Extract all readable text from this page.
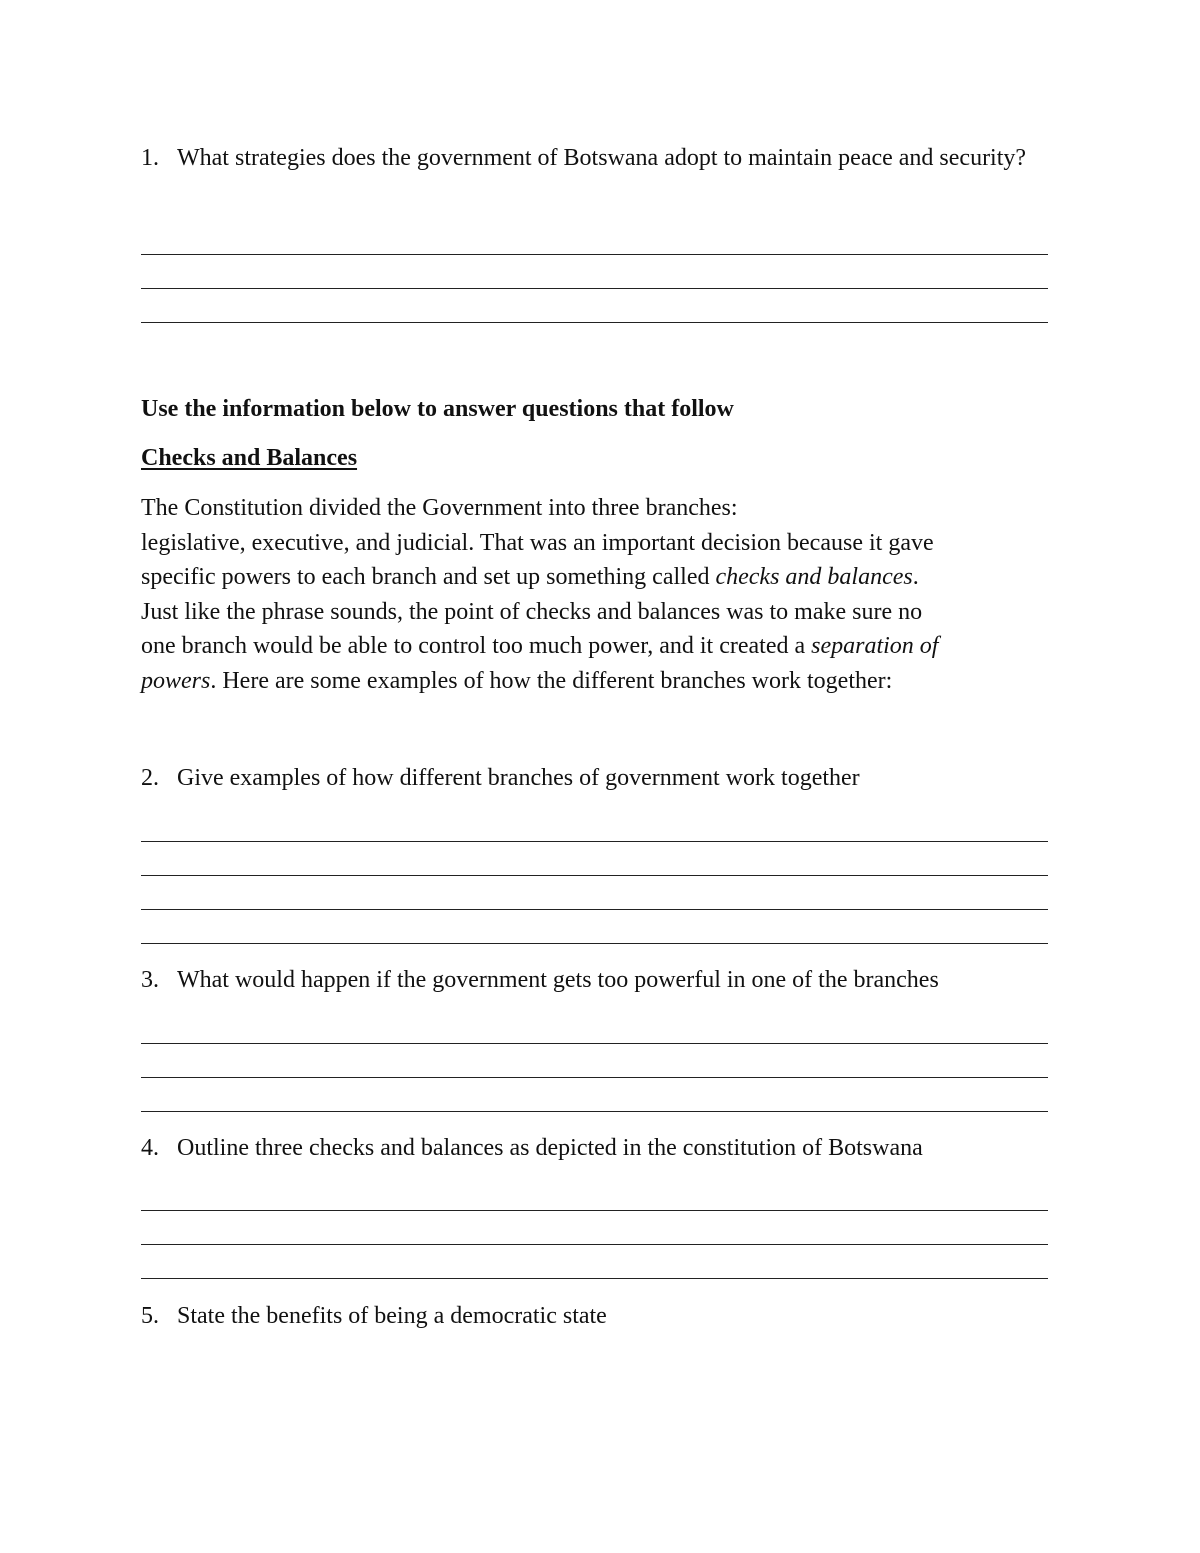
1. What strategies does the government of Botswana adopt to maintain peace and security?
Use the information below to answer questions that follow
Checks and Balances
The Constitution divided the Government into three branches:
legislative, executive, and judicial. That was an important decision because it gave
specific powers to each branch and set up something called checks and balances.
Just like the phrase sounds, the point of checks and balances was to make sure no
one branch would be able to control too much power, and it created a separation of
powers. Here are some examples of how the different branches work together:
2. Give examples of how different branches of government work together
3. What would happen if the government gets too powerful in one of the branches
4. Outline three checks and balances as depicted in the constitution of Botswana
5. State the benefits of being a democratic state
